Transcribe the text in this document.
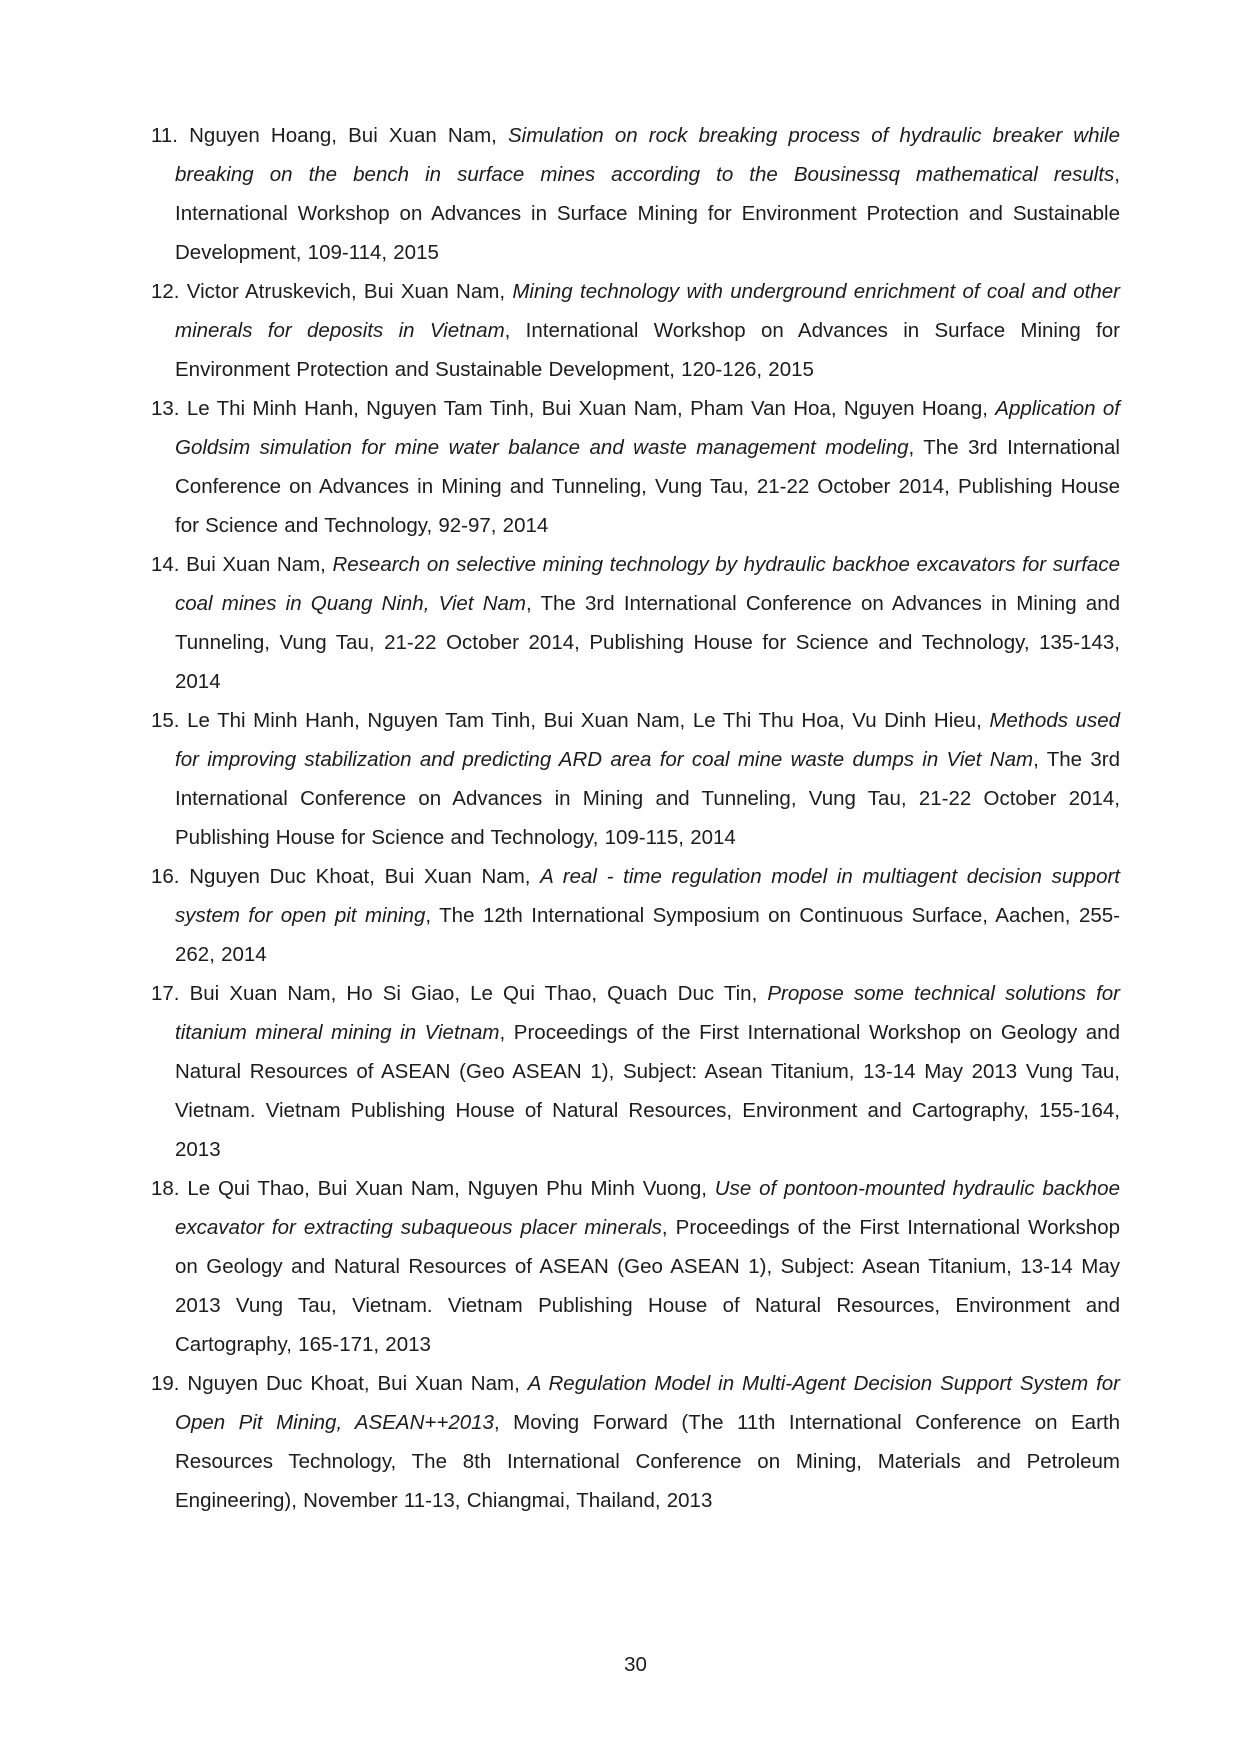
11. Nguyen Hoang, Bui Xuan Nam, Simulation on rock breaking process of hydraulic breaker while breaking on the bench in surface mines according to the Bousinessq mathematical results, International Workshop on Advances in Surface Mining for Environment Protection and Sustainable Development, 109-114, 2015

12. Victor Atruskevich, Bui Xuan Nam, Mining technology with underground enrichment of coal and other minerals for deposits in Vietnam, International Workshop on Advances in Surface Mining for Environment Protection and Sustainable Development, 120-126, 2015

13. Le Thi Minh Hanh, Nguyen Tam Tinh, Bui Xuan Nam, Pham Van Hoa, Nguyen Hoang, Application of Goldsim simulation for mine water balance and waste management modeling, The 3rd International Conference on Advances in Mining and Tunneling, Vung Tau, 21-22 October 2014, Publishing House for Science and Technology, 92-97, 2014

14. Bui Xuan Nam, Research on selective mining technology by hydraulic backhoe excavators for surface coal mines in Quang Ninh, Viet Nam, The 3rd International Conference on Advances in Mining and Tunneling, Vung Tau, 21-22 October 2014, Publishing House for Science and Technology, 135-143, 2014

15. Le Thi Minh Hanh, Nguyen Tam Tinh, Bui Xuan Nam, Le Thi Thu Hoa, Vu Dinh Hieu, Methods used for improving stabilization and predicting ARD area for coal mine waste dumps in Viet Nam, The 3rd International Conference on Advances in Mining and Tunneling, Vung Tau, 21-22 October 2014, Publishing House for Science and Technology, 109-115, 2014

16. Nguyen Duc Khoat, Bui Xuan Nam, A real - time regulation model in multiagent decision support system for open pit mining, The 12th International Symposium on Continuous Surface, Aachen, 255-262, 2014

17. Bui Xuan Nam, Ho Si Giao, Le Qui Thao, Quach Duc Tin, Propose some technical solutions for titanium mineral mining in Vietnam, Proceedings of the First International Workshop on Geology and Natural Resources of ASEAN (Geo ASEAN 1), Subject: Asean Titanium, 13-14 May 2013 Vung Tau, Vietnam. Vietnam Publishing House of Natural Resources, Environment and Cartography, 155-164, 2013

18. Le Qui Thao, Bui Xuan Nam, Nguyen Phu Minh Vuong, Use of pontoon-mounted hydraulic backhoe excavator for extracting subaqueous placer minerals, Proceedings of the First International Workshop on Geology and Natural Resources of ASEAN (Geo ASEAN 1), Subject: Asean Titanium, 13-14 May 2013 Vung Tau, Vietnam. Vietnam Publishing House of Natural Resources, Environment and Cartography, 165-171, 2013

19. Nguyen Duc Khoat, Bui Xuan Nam, A Regulation Model in Multi-Agent Decision Support System for Open Pit Mining, ASEAN++2013, Moving Forward (The 11th International Conference on Earth Resources Technology, The 8th International Conference on Mining, Materials and Petroleum Engineering), November 11-13, Chiangmai, Thailand, 2013

30
